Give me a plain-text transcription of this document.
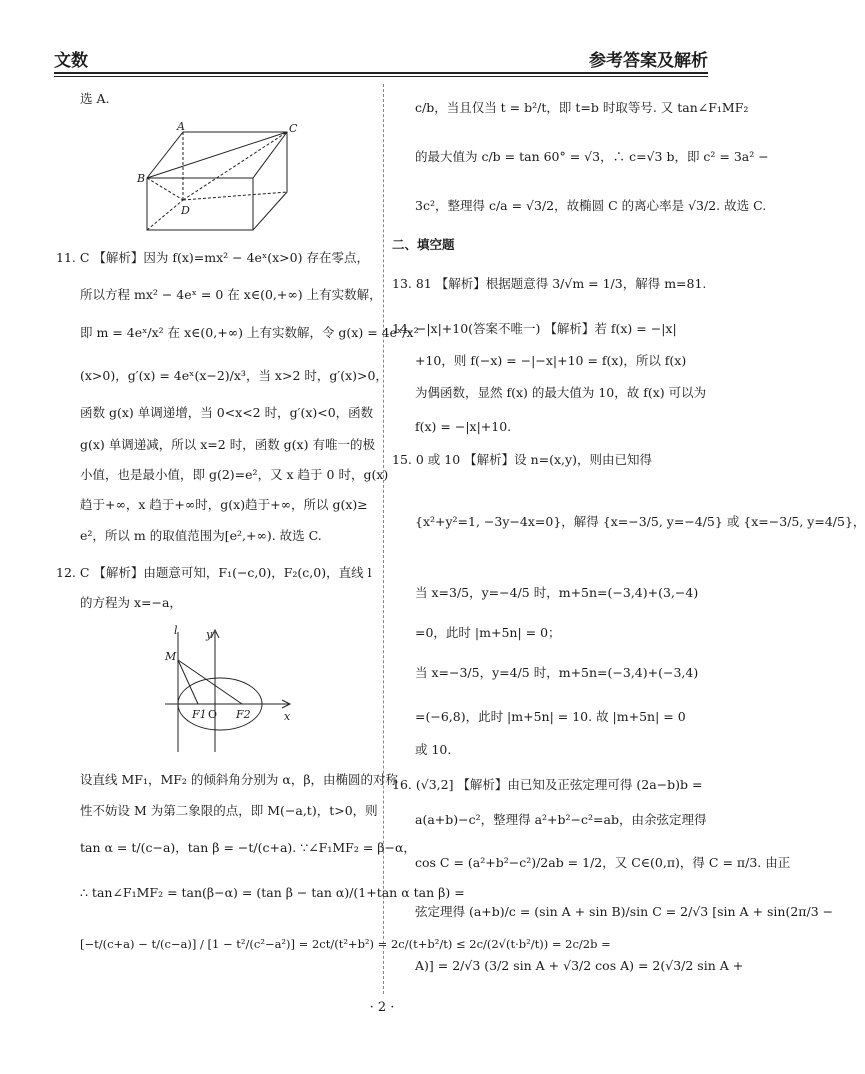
文数	参考答案及解析

选 A.

A	C
B
D

11. C 【解析】因为 f(x)=mx² − 4eˣ(x>0) 存在零点，

所以方程 mx² − 4eˣ = 0 在 x∈(0,+∞) 上有实数解，

即 m = 4eˣ/x² 在 x∈(0,+∞) 上有实数解，令 g(x) = 4eˣ/x²

(x>0)，g′(x) = 4eˣ(x−2)/x³，当 x>2 时，g′(x)>0，

函数 g(x) 单调递增，当 0<x<2 时，g′(x)<0，函数

g(x) 单调递减，所以 x=2 时，函数 g(x) 有唯一的极

小值，也是最小值，即 g(2)=e²，又 x 趋于 0 时，g(x)

趋于+∞，x 趋于+∞时，g(x)趋于+∞，所以 g(x)≥

e²，所以 m 的取值范围为[e²,+∞). 故选 C.

12. C 【解析】由题意可知，F₁(−c,0)，F₂(c,0)，直线 l

的方程为 x=−a，

l	y
M
F1 O F2	x

设直线 MF₁，MF₂ 的倾斜角分别为 α，β，由椭圆的对称

性不妨设 M 为第二象限的点，即 M(−a,t)，t>0，则

tan α = t/(c−a)，tan β = −t/(c+a). ∵∠F₁MF₂ = β−α，

∴ tan∠F₁MF₂ = tan(β−α) = (tan β − tan α)/(1+tan α tan β) =

[−t/(c+a) − t/(c−a)] / [1 − t²/(c²−a²)] = 2ct/(t²+b²) = 2c/(t+b²/t) ≤ 2c/(2√(t·b²/t)) = 2c/2b =

c/b，当且仅当 t = b²/t，即 t=b 时取等号. 又 tan∠F₁MF₂

的最大值为 c/b = tan 60° = √3，∴ c=√3 b，即 c² = 3a² −

3c²，整理得 c/a = √3/2，故椭圆 C 的离心率是 √3/2. 故选 C.

二、填空题

13. 81 【解析】根据题意得 3/√m = 1/3，解得 m=81.

14. −|x|+10(答案不唯一) 【解析】若 f(x) = −|x|

+10，则 f(−x) = −|−x|+10 = f(x)，所以 f(x)

为偶函数，显然 f(x) 的最大值为 10，故 f(x) 可以为

f(x) = −|x|+10.

15. 0 或 10 【解析】设 n=(x,y)，则由已知得

{x²+y²=1, −3y−4x=0}，解得 {x=−3/5, y=−4/5} 或 {x=−3/5, y=4/5}，

当 x=3/5，y=−4/5 时，m+5n=(−3,4)+(3,−4)

=0，此时 |m+5n| = 0；

当 x=−3/5，y=4/5 时，m+5n=(−3,4)+(−3,4)

=(−6,8)，此时 |m+5n| = 10. 故 |m+5n| = 0

或 10.

16. (√3,2] 【解析】由已知及正弦定理可得 (2a−b)b =

a(a+b)−c²，整理得 a²+b²−c²=ab，由余弦定理得

cos C = (a²+b²−c²)/2ab = 1/2，又 C∈(0,π)，得 C = π/3. 由正

弦定理得 (a+b)/c = (sin A + sin B)/sin C = 2/√3 [sin A + sin(2π/3 −

A)] = 2/√3 (3/2 sin A + √3/2 cos A) = 2(√3/2 sin A +

· 2 ·
